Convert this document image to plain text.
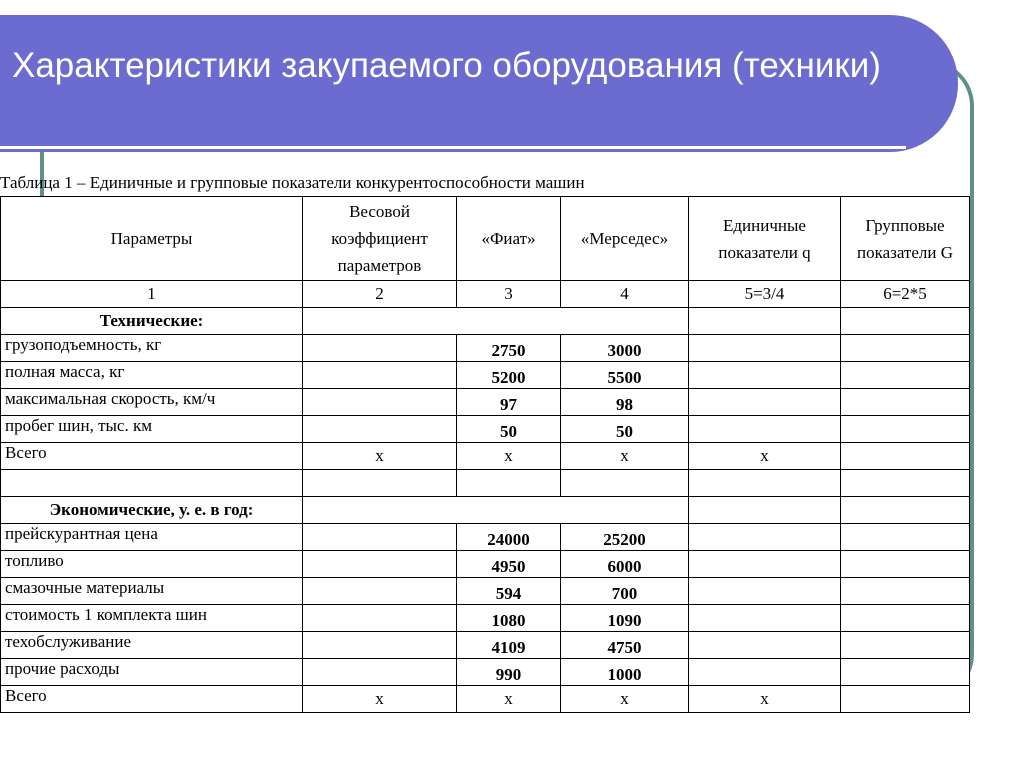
Характеристики закупаемого оборудования (техники)
Таблица 1 – Единичные и групповые показатели конкурентоспособности машин
Параметры	Весовой коэффициент параметров	«Фиат»	«Мерседес»	Единичные показатели q	Групповые показатели G
1	2	3	4	5=3/4	6=2*5
Технические:					
грузоподъемность, кг		2750	3000		
полная масса, кг		5200	5500		
максимальная скорость, км/ч		97	98		
пробег шин, тыс. км		50	50		
Всего	х	х	х	х	

Экономические, у. е. в год:					
прейскурантная цена		24000	25200		
топливо		4950	6000		
смазочные материалы		594	700		
стоимость 1 комплекта шин		1080	1090		
техобслуживание		4109	4750		
прочие расходы		990	1000		
Всего	х	х	х	х	
